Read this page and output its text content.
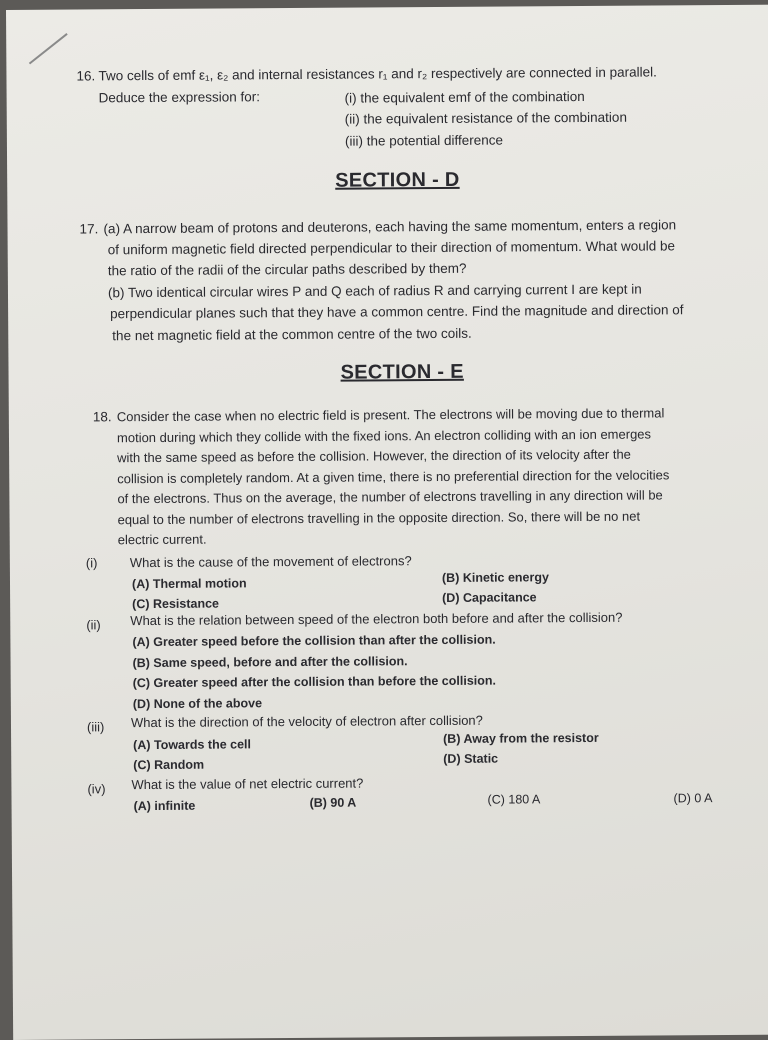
16. Two cells of emf ε₁, ε₂ and internal resistances r₁ and r₂ respectively are connected in parallel.
Deduce the expression for:	(i) the equivalent emf of the combination
(ii) the equivalent resistance of the combination
(iii) the potential difference
SECTION - D
17. (a) A narrow beam of protons and deuterons, each having the same momentum, enters a region
of uniform magnetic field directed perpendicular to their direction of momentum. What would be
the ratio of the radii of the circular paths described by them?
(b) Two identical circular wires P and Q each of radius R and carrying current I are kept in
perpendicular planes such that they have a common centre. Find the magnitude and direction of
the net magnetic field at the common centre of the two coils.
SECTION - E
18. Consider the case when no electric field is present. The electrons will be moving due to thermal
motion during which they collide with the fixed ions. An electron colliding with an ion emerges
with the same speed as before the collision. However, the direction of its velocity after the
collision is completely random. At a given time, there is no preferential direction for the velocities
of the electrons. Thus on the average, the number of electrons travelling in any direction will be
equal to the number of electrons travelling in the opposite direction. So, there will be no net
electric current.
(i) What is the cause of the movement of electrons?
(A) Thermal motion	(B) Kinetic energy
(C) Resistance	(D) Capacitance
(ii) What is the relation between speed of the electron both before and after the collision?
(A) Greater speed before the collision than after the collision.
(B) Same speed, before and after the collision.
(C) Greater speed after the collision than before the collision.
(D) None of the above
(iii) What is the direction of the velocity of electron after collision?
(A) Towards the cell	(B) Away from the resistor
(C) Random	(D) Static
(iv) What is the value of net electric current?
(A) infinite	(B) 90 A	(C) 180 A	(D) 0 A
